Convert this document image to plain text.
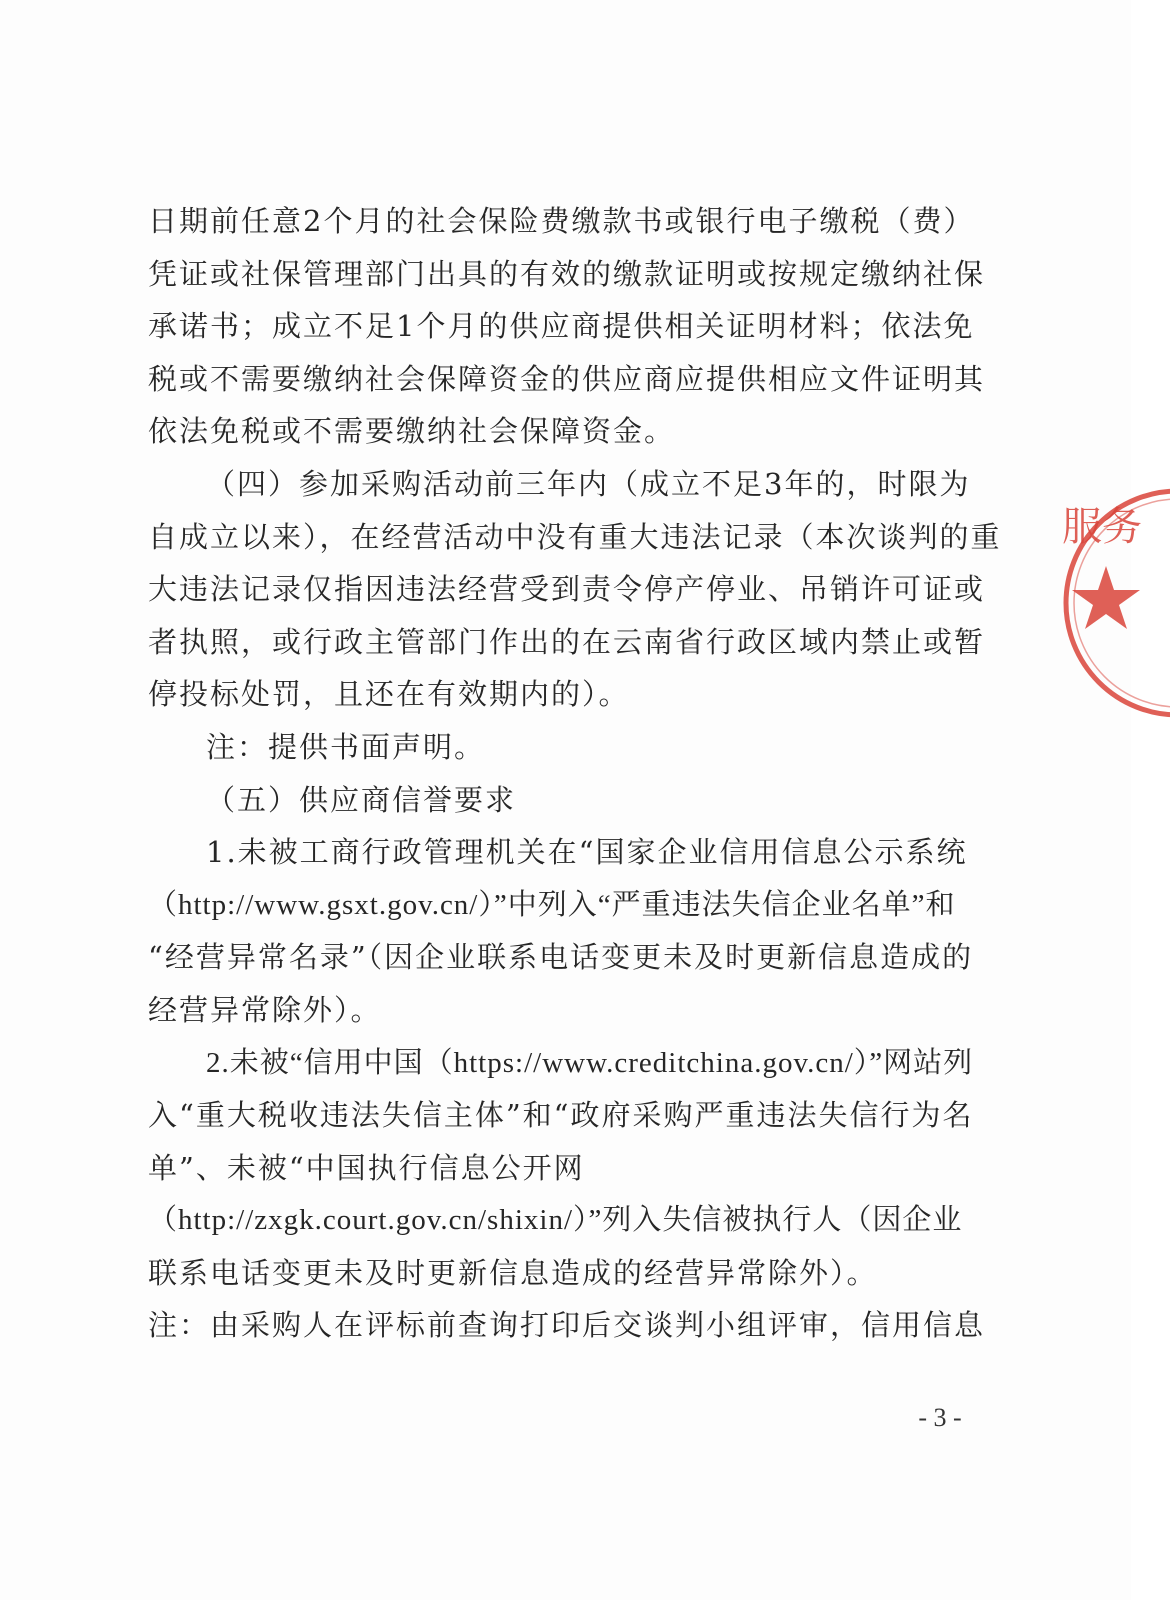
日期前任意2个月的社会保险费缴款书或银行电子缴税（费）
凭证或社保管理部门出具的有效的缴款证明或按规定缴纳社保
承诺书；成立不足1个月的供应商提供相关证明材料；依法免
税或不需要缴纳社会保障资金的供应商应提供相应文件证明其
依法免税或不需要缴纳社会保障资金。
（四）参加采购活动前三年内（成立不足3年的，时限为
自成立以来），在经营活动中没有重大违法记录（本次谈判的重
大违法记录仅指因违法经营受到责令停产停业、吊销许可证或
者执照，或行政主管部门作出的在云南省行政区域内禁止或暂
停投标处罚，且还在有效期内的）。
注：提供书面声明。
（五）供应商信誉要求
1.未被工商行政管理机关在“国家企业信用信息公示系统
（http://www.gsxt.gov.cn/）”中列入“严重违法失信企业名单”和
“经营异常名录”（因企业联系电话变更未及时更新信息造成的
经营异常除外）。
2.未被“信用中国（https://www.creditchina.gov.cn/）”网站列
入“重大税收违法失信主体”和“政府采购严重违法失信行为名
单”、未被“中国执行信息公开网
（http://zxgk.court.gov.cn/shixin/）”列入失信被执行人（因企业
联系电话变更未及时更新信息造成的经营异常除外）。
注：由采购人在评标前查询打印后交谈判小组评审，信用信息
- 3 -
服务
